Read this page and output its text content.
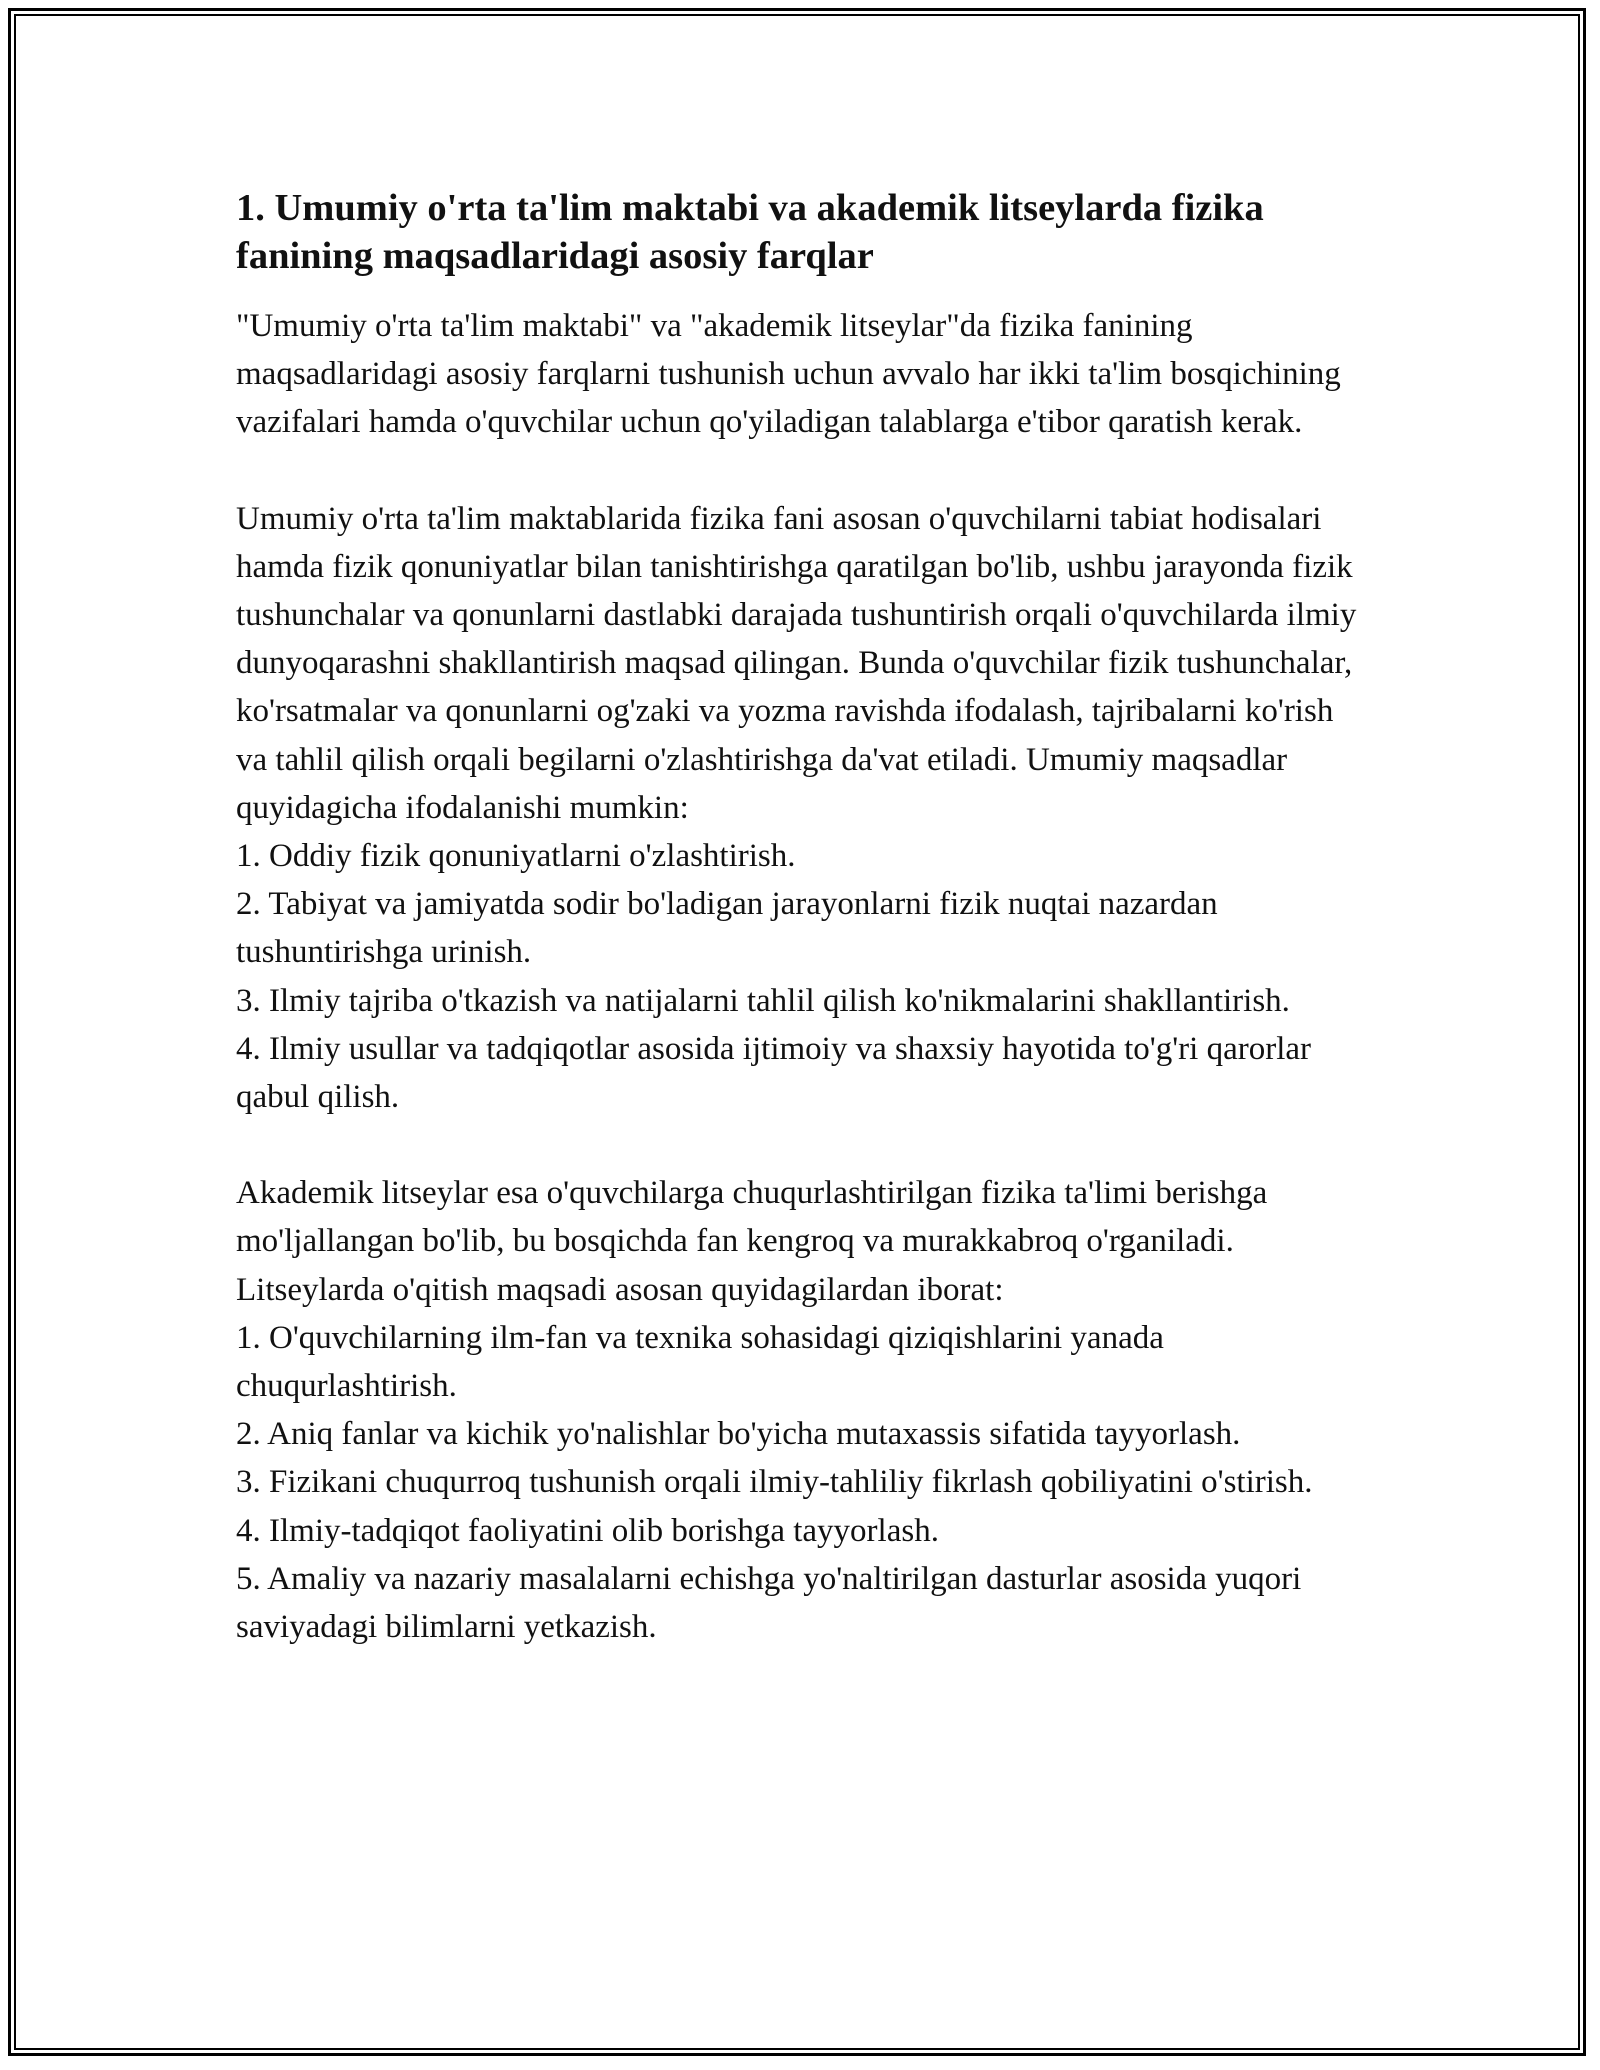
1. Umumiy o'rta ta'lim maktabi va akademik litseylarda fizika fanining maqsadlaridagi asosiy farqlar

"Umumiy o'rta ta'lim maktabi" va "akademik litseylar"da fizika fanining maqsadlaridagi asosiy farqlarni tushunish uchun avvalo har ikki ta'lim bosqichining vazifalari hamda o'quvchilar uchun qo'yiladigan talablarga e'tibor qaratish kerak.

Umumiy o'rta ta'lim maktablarida fizika fani asosan o'quvchilarni tabiat hodisalari hamda fizik qonuniyatlar bilan tanishtirishga qaratilgan bo'lib, ushbu jarayonda fizik tushunchalar va qonunlarni dastlabki darajada tushuntirish orqali o'quvchilarda ilmiy dunyoqarashni shakllantirish maqsad qilingan. Bunda o'quvchilar fizik tushunchalar, ko'rsatmalar va qonunlarni og'zaki va yozma ravishda ifodalash, tajribalarni ko'rish va tahlil qilish orqali begilarni o'zlashtirishga da'vat etiladi. Umumiy maqsadlar quyidagicha ifodalanishi mumkin:
1. Oddiy fizik qonuniyatlarni o'zlashtirish.
2. Tabiyat va jamiyatda sodir bo'ladigan jarayonlarni fizik nuqtai nazardan tushuntirishga urinish.
3. Ilmiy tajriba o'tkazish va natijalarni tahlil qilish ko'nikmalarini shakllantirish.
4. Ilmiy usullar va tadqiqotlar asosida ijtimoiy va shaxsiy hayotida to'g'ri qarorlar qabul qilish.
Akademik litseylar esa o'quvchilarga chuqurlashtirilgan fizika ta'limi berishga mo'ljallangan bo'lib, bu bosqichda fan kengroq va murakkabroq o'rganiladi. Litseylarda o'qitish maqsadi asosan quyidagilardan iborat:
1. O'quvchilarning ilm-fan va texnika sohasidagi qiziqishlarini yanada chuqurlashtirish.
2. Aniq fanlar va kichik yo'nalishlar bo'yicha mutaxassis sifatida tayyorlash.
3. Fizikani chuqurroq tushunish orqali ilmiy-tahliliy fikrlash qobiliyatini o'stirish.
4. Ilmiy-tadqiqot faoliyatini olib borishga tayyorlash.
5. Amaliy va nazariy masalalarni echishga yo'naltirilgan dasturlar asosida yuqori saviyadagi bilimlarni yetkazish.
